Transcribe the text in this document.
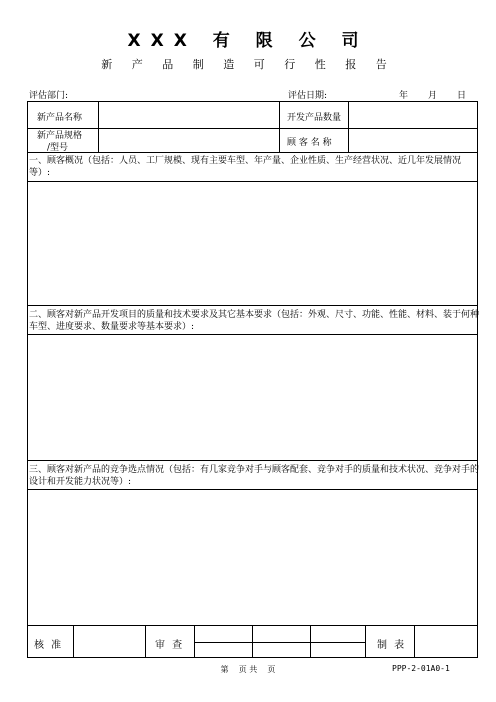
XXX 有 限 公 司
新 产 品 制 造 可 行 性 报 告
评估部门:	评估日期:	年 月 日
新产品名称	开发产品数量
新产品规格
/型号	顾 客 名 称
一、顾客概况（包括：人员、工厂规模、现有主要车型、年产量、企业性质、生产经营状况、近几年发展情况等）:
二、顾客对新产品开发项目的质量和技术要求及其它基本要求（包括：外观、尺寸、功能、性能、材料、装于何种车型、进度要求、数量要求等基本要求）:
三、顾客对新产品的竞争选点情况（包括：有几家竞争对手与顾客配套、竞争对手的质量和技术状况、竞争对手的设计和开发能力状况等）:
核 准	审 查	制 表
第    页 共    页	PPP-2-01A0-1
